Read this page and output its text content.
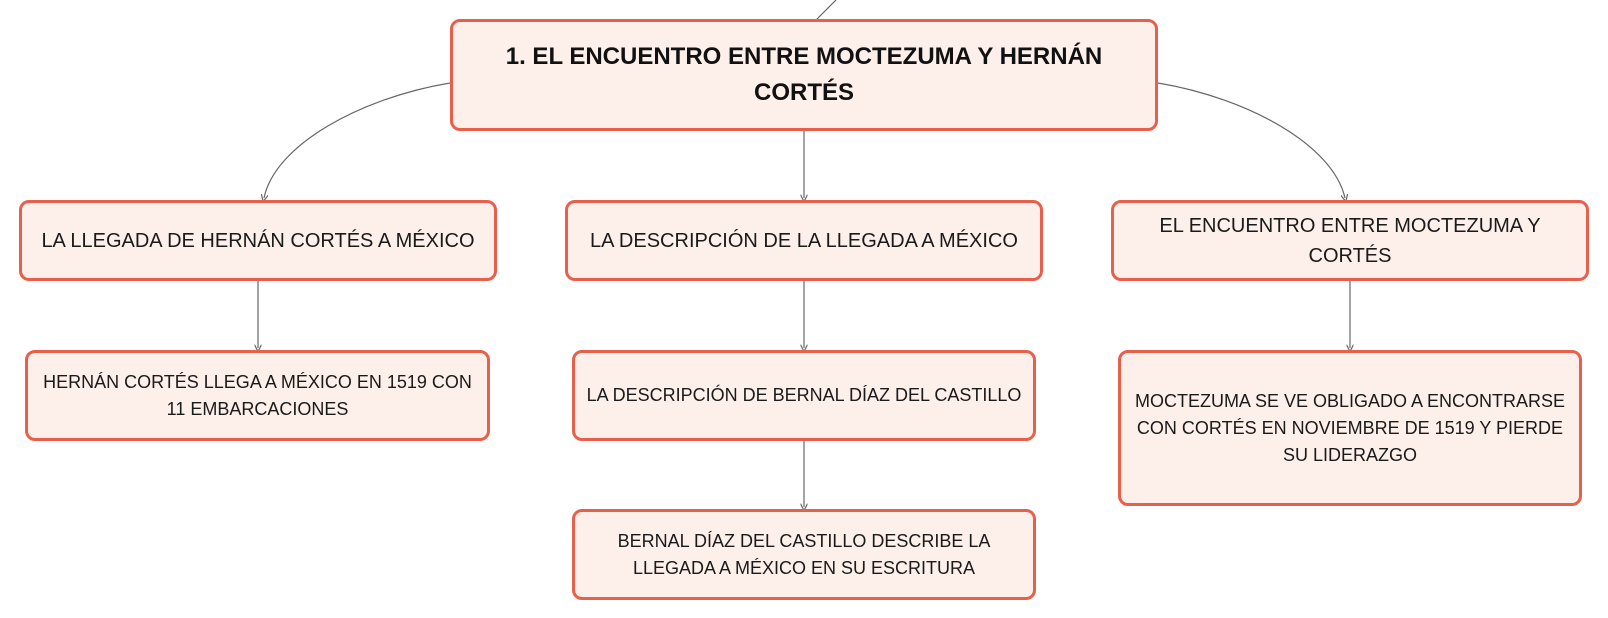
1. EL ENCUENTRO ENTRE MOCTEZUMA Y HERNÁN CORTÉS
LA LLEGADA DE HERNÁN CORTÉS A MÉXICO	LA DESCRIPCIÓN DE LA LLEGADA A MÉXICO
EL ENCUENTRO ENTRE MOCTEZUMA Y CORTÉS
HERNÁN CORTÉS LLEGA A MÉXICO EN 1519 CON 11 EMBARCACIONES
LA DESCRIPCIÓN DE BERNAL DÍAZ DEL CASTILLO
BERNAL DÍAZ DEL CASTILLO DESCRIBE LA LLEGADA A MÉXICO EN SU ESCRITURA
MOCTEZUMA SE VE OBLIGADO A ENCONTRARSE CON CORTÉS EN NOVIEMBRE DE 1519 Y PIERDE SU LIDERAZGO
